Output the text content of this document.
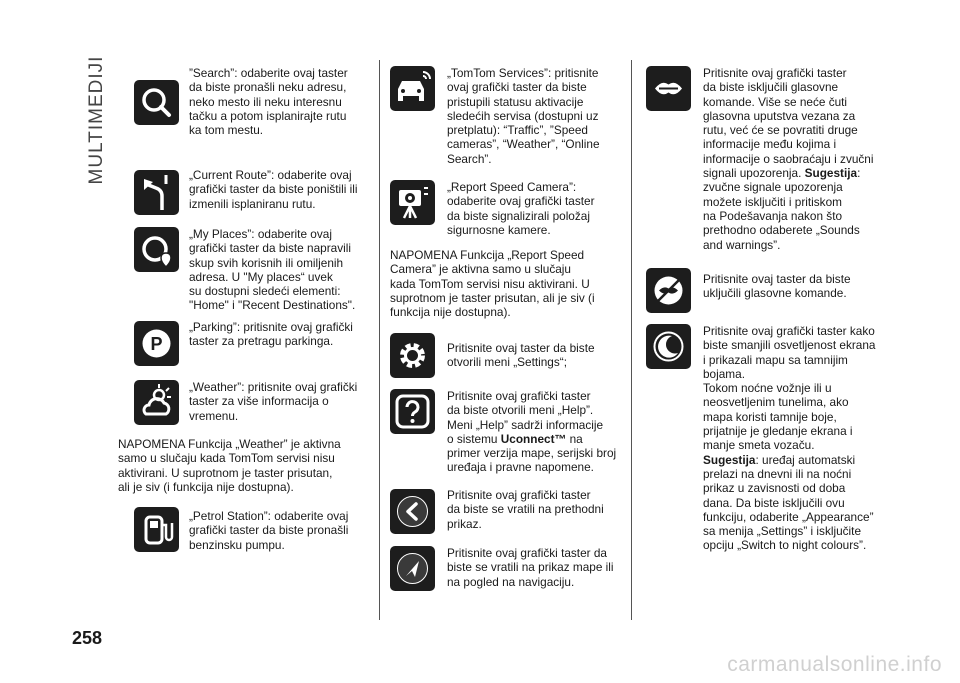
MULTIMEDIJI	”Search”: odaberite ovaj taster
da biste pronašli neku adresu,
neko mesto ili neku interesnu
tačku a potom isplanirajte rutu
ka tom mestu.
„Current Route”: odaberite ovaj
grafički taster da biste poništili ili
izmenili isplaniranu rutu.
„My Places”: odaberite ovaj
grafički taster da biste napravili
skup svih korisnih ili omiljenih
adresa. U "My places“ uvek
su dostupni sledeći elementi:
"Home" i "Recent Destinations".
P
„Parking”: pritisnite ovaj grafički
taster za pretragu parkinga.
„Weather”: pritisnite ovaj grafički
taster za više informacija o
vremenu.
NAPOMENA Funkcija „Weather” je aktivna
samo u slučaju kada TomTom servisi nisu
aktivirani. U suprotnom je taster prisutan,
ali je siv (i funkcija nije dostupna).
„Petrol Station”: odaberite ovaj
grafički taster da biste pronašli
benzinsku pumpu.
„TomTom Services”: pritisnite
ovaj grafički taster da biste
pristupili statusu aktivacije
sledećih servisa (dostupni uz
pretplatu): “Traffic”, ”Speed
cameras”, “Weather”, “Online
Search”.
„Report Speed Camera”:
odaberite ovaj grafički taster
da biste signalizirali položaj
sigurnosne kamere.
NAPOMENA Funkcija „Report Speed
Camera” je aktivna samo u slučaju
kada TomTom servisi nisu aktivirani. U
suprotnom je taster prisutan, ali je siv (i
funkcija nije dostupna).
Pritisnite ovaj taster da biste
otvorili meni „Settings“;
Pritisnite ovaj grafički taster
da biste otvorili meni „Help”.
Meni „Help” sadrži informacije
o sistemu Uconnect™ na
primer verzija mape, serijski broj
uređaja i pravne napomene.
Pritisnite ovaj grafički taster
da biste se vratili na prethodni
prikaz.
Pritisnite ovaj grafički taster da
biste se vratili na prikaz mape ili
na pogled na navigaciju.
Pritisnite ovaj grafički taster
da biste isključili glasovne
komande. Više se neće čuti
glasovna uputstva vezana za
rutu, već će se povratiti druge
informacije među kojima i
informacije o saobraćaju i zvučni
signali upozorenja. Sugestija:
zvučne signale upozorenja
možete isključiti i pritiskom
na Podešavanja nakon što
prethodno odaberete „Sounds
and warnings”.
Pritisnite ovaj taster da biste
uključili glasovne komande.
Pritisnite ovaj grafički taster kako
biste smanjili osvetljenost ekrana
i prikazali mapu sa tamnijim
bojama.
Tokom noćne vožnje ili u
neosvetljenim tunelima, ako
mapa koristi tamnije boje,
prijatnije je gledanje ekrana i
manje smeta vozaču.
Sugestija: uređaj automatski
prelazi na dnevni ili na noćni
prikaz u zavisnosti od doba
dana. Da biste isključili ovu
funkciju, odaberite „Appearance”
sa menija „Settings” i isključite
opciju „Switch to night colours”.
258
carmanualsonline.info
